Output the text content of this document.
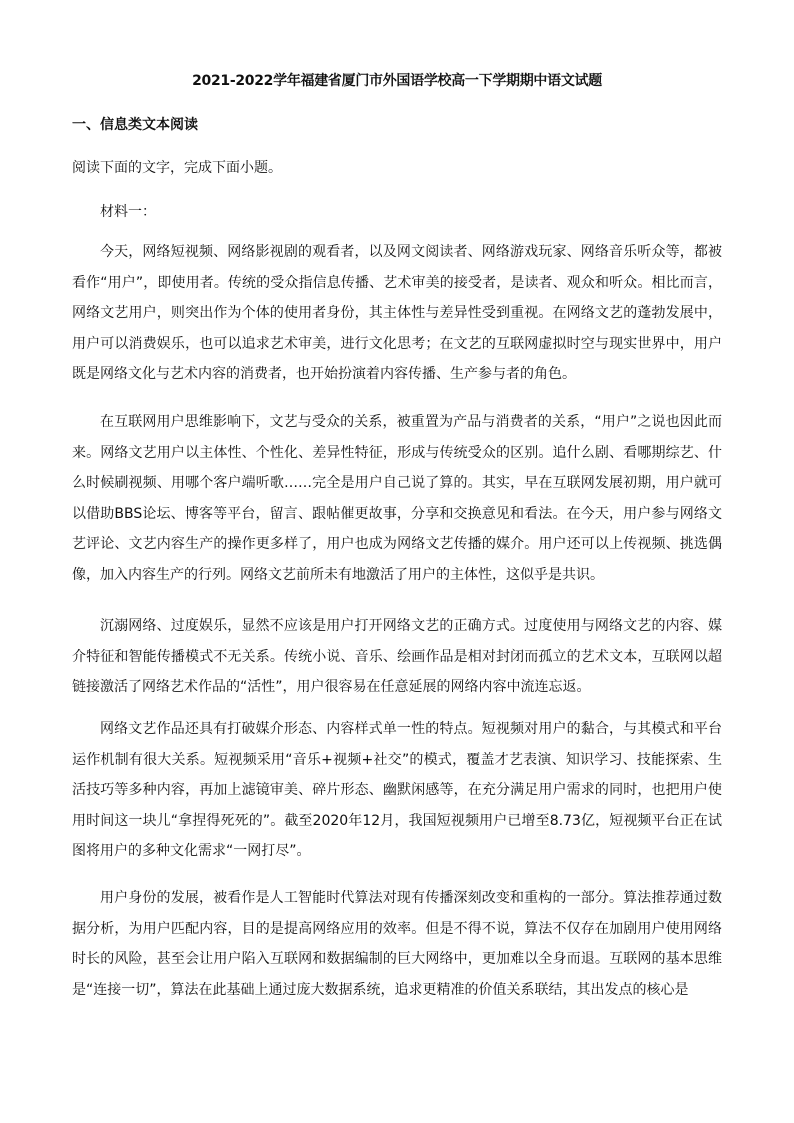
2021-2022学年福建省厦门市外国语学校高一下学期期中语文试题
一、信息类文本阅读
阅读下面的文字，完成下面小题。
材料一：

今天，网络短视频、网络影视剧的观看者，以及网文阅读者、网络游戏玩家、网络音乐听众等，都被看作“用户”，即使用者。传统的受众指信息传播、艺术审美的接受者，是读者、观众和听众。相比而言，网络文艺用户，则突出作为个体的使用者身份，其主体性与差异性受到重视。在网络文艺的蓬勃发展中，用户可以消费娱乐，也可以追求艺术审美，进行文化思考；在文艺的互联网虚拟时空与现实世界中，用户既是网络文化与艺术内容的消费者，也开始扮演着内容传播、生产参与者的角色。

在互联网用户思维影响下，文艺与受众的关系，被重置为产品与消费者的关系，“用户”之说也因此而来。网络文艺用户以主体性、个性化、差异性特征，形成与传统受众的区别。追什么剧、看哪期综艺、什么时候刷视频、用哪个客户端听歌……完全是用户自己说了算的。其实，早在互联网发展初期，用户就可以借助BBS论坛、博客等平台，留言、跟帖催更故事，分享和交换意见和看法。在今天，用户参与网络文艺评论、文艺内容生产的操作更多样了，用户也成为网络文艺传播的媒介。用户还可以上传视频、挑选偶像，加入内容生产的行列。网络文艺前所未有地激活了用户的主体性，这似乎是共识。

沉溺网络、过度娱乐，显然不应该是用户打开网络文艺的正确方式。过度使用与网络文艺的内容、媒介特征和智能传播模式不无关系。传统小说、音乐、绘画作品是相对封闭而孤立的艺术文本，互联网以超链接激活了网络艺术作品的“活性”，用户很容易在任意延展的网络内容中流连忘返。

网络文艺作品还具有打破媒介形态、内容样式单一性的特点。短视频对用户的黏合，与其模式和平台运作机制有很大关系。短视频采用“音乐+视频+社交”的模式，覆盖才艺表演、知识学习、技能探索、生活技巧等多种内容，再加上滤镜审美、碎片形态、幽默闲感等，在充分满足用户需求的同时，也把用户使用时间这一块儿“拿捏得死死的”。截至2020年12月，我国短视频用户已增至8.73亿，短视频平台正在试图将用户的多种文化需求“一网打尽”。

用户身份的发展，被看作是人工智能时代算法对现有传播深刻改变和重构的一部分。算法推荐通过数据分析，为用户匹配内容，目的是提高网络应用的效率。但是不得不说，算法不仅存在加剧用户使用网络时长的风险，甚至会让用户陷入互联网和数据编制的巨大网络中，更加难以全身而退。互联网的基本思维是“连接一切”，算法在此基础上通过庞大数据系统，追求更精准的价值关系联结，其出发点的核心是
